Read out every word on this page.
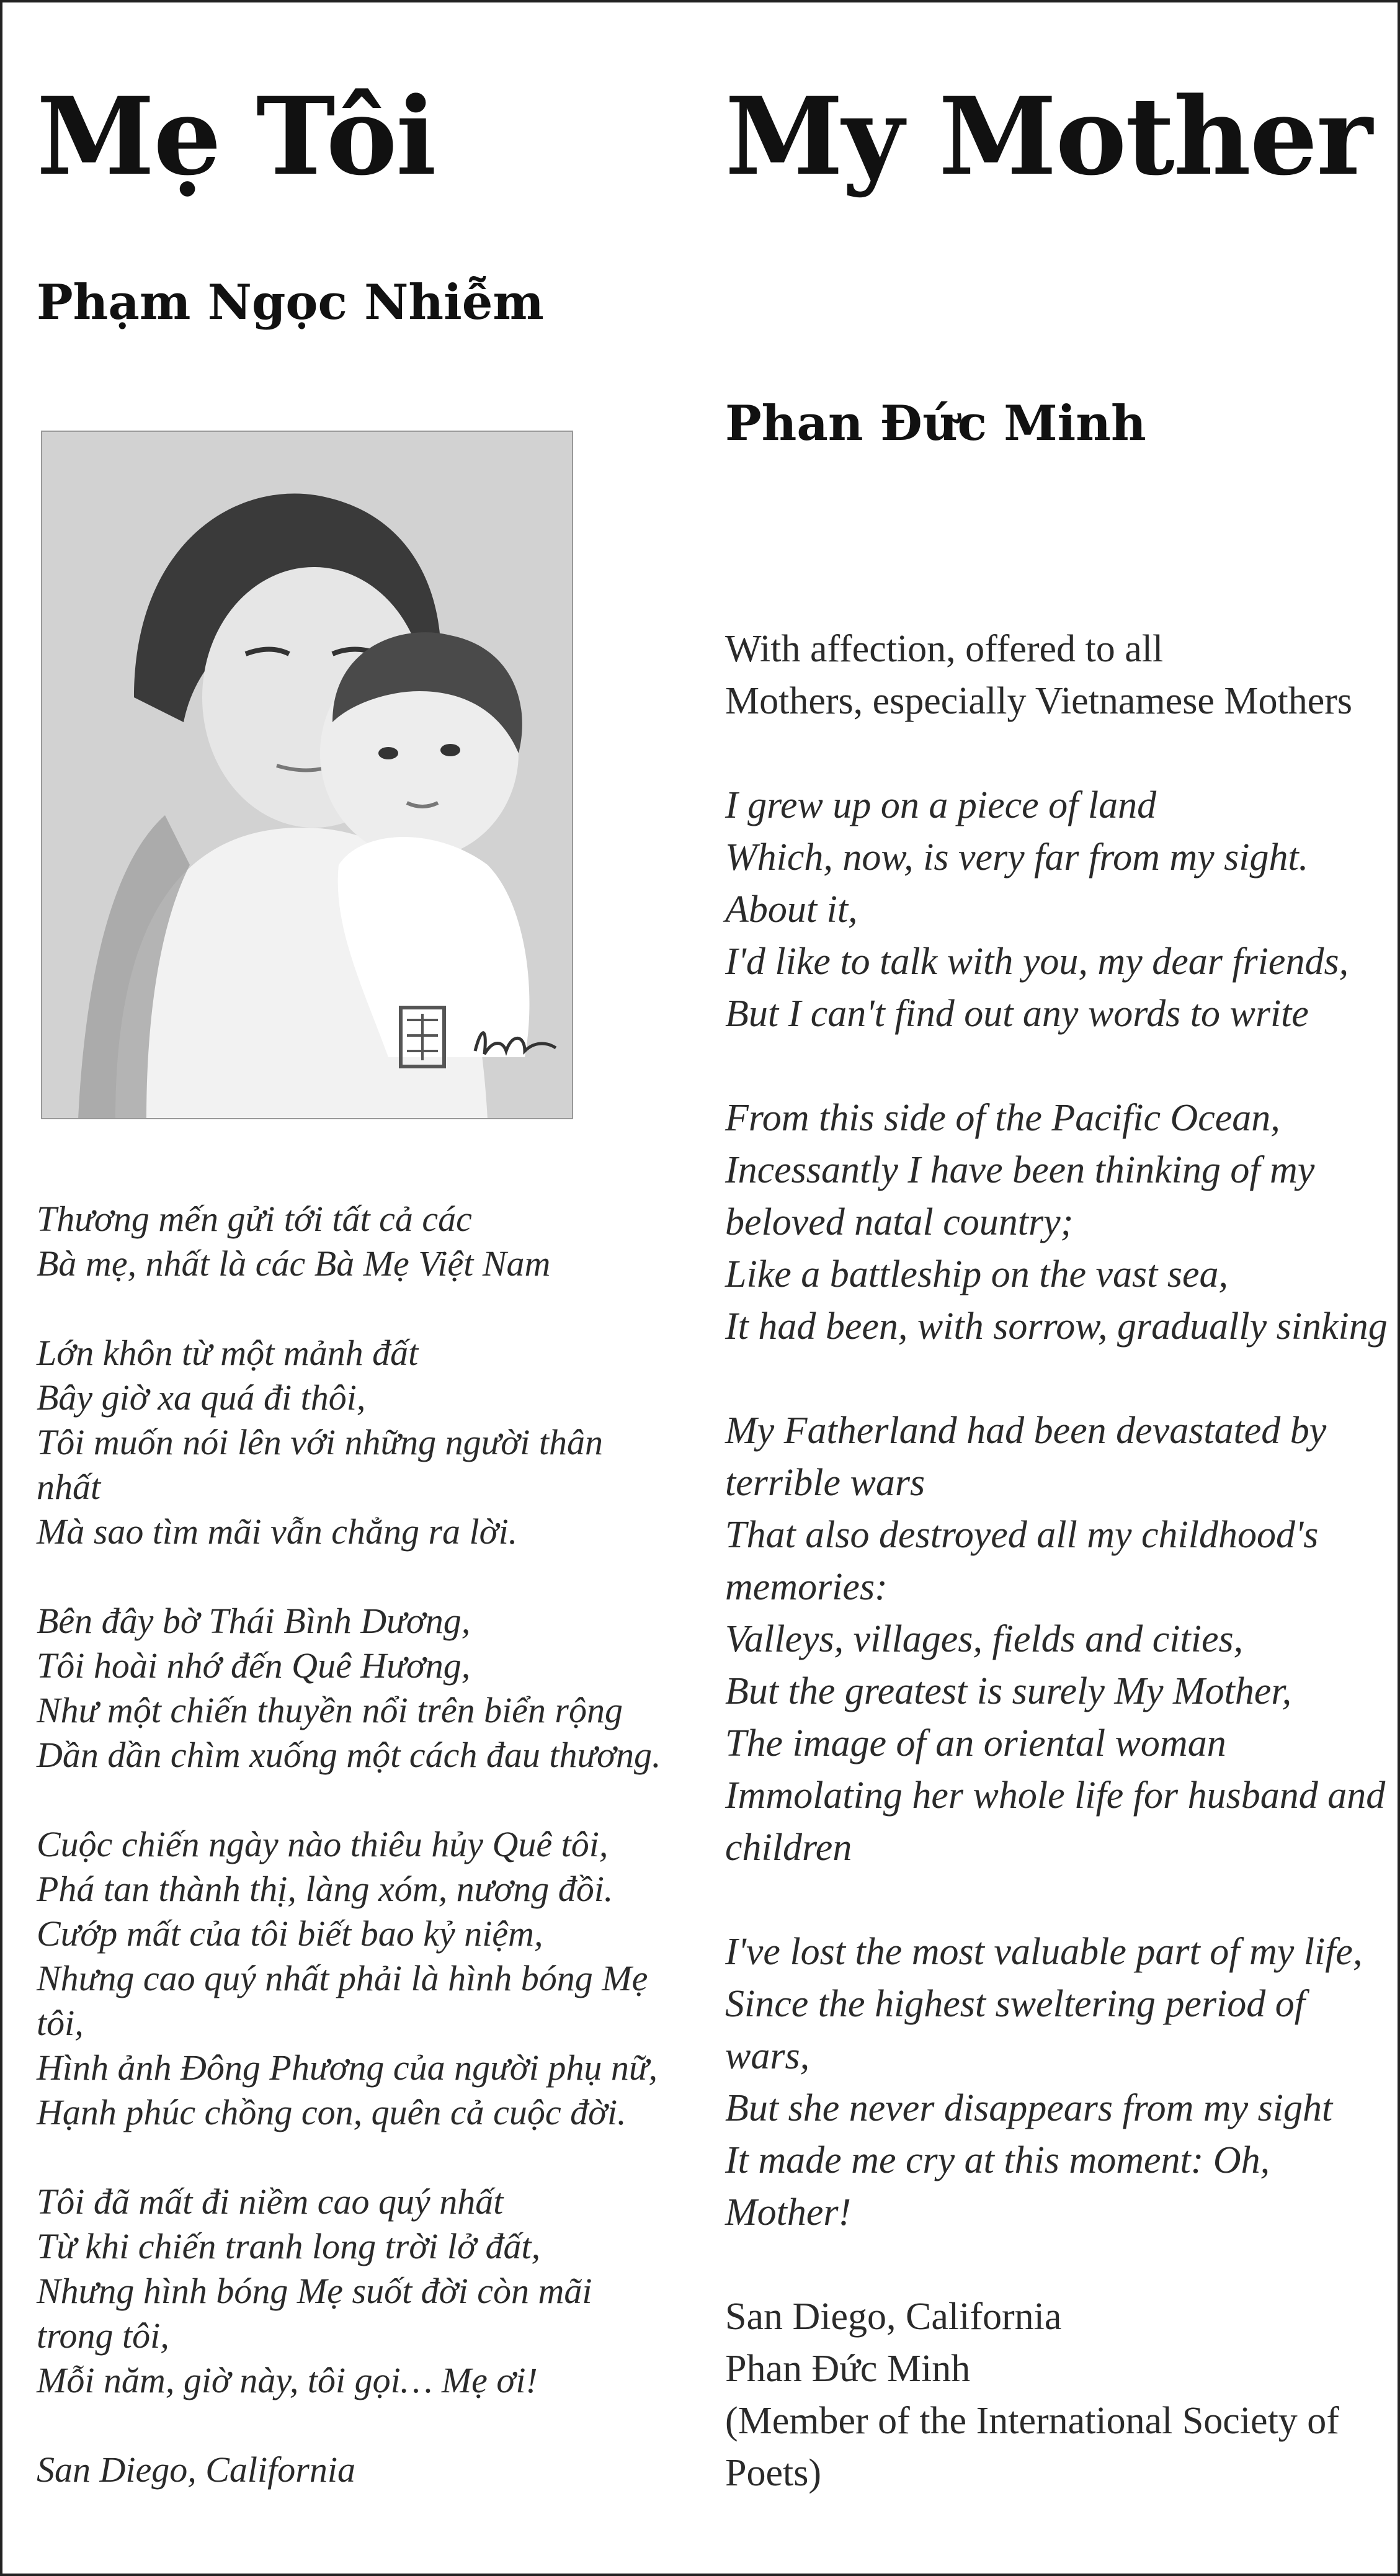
Mẹ Tôi
Phạm Ngọc Nhiễm
Thương mến gửi tới tất cả các
Bà mẹ, nhất là các Bà Mẹ Việt Nam
Lớn khôn từ một mảnh đất
Bây giờ xa quá đi thôi,
Tôi muốn nói lên với những người thân
nhất
Mà sao tìm mãi vẫn chẳng ra lời.
Bên đây bờ Thái Bình Dương,
Tôi hoài nhớ đến Quê Hương,
Như một chiến thuyền nổi trên biển rộng
Dần dần chìm xuống một cách đau thương.
Cuộc chiến ngày nào thiêu hủy Quê tôi,
Phá tan thành thị, làng xóm, nương đồi.
Cướp mất của tôi biết bao kỷ niệm,
Nhưng cao quý nhất phải là hình bóng Mẹ
tôi,
Hình ảnh Đông Phương của người phụ nữ,
Hạnh phúc chồng con, quên cả cuộc đời.
Tôi đã mất đi niềm cao quý nhất
Từ khi chiến tranh long trời lở đất,
Nhưng hình bóng Mẹ suốt đời còn mãi
trong tôi,
Mỗi năm, giờ này, tôi gọi… Mẹ ơi!
San Diego, California
My Mother
Phan Đức Minh
With affection, offered to all
Mothers, especially Vietnamese Mothers
I grew up on a piece of land
Which, now, is very far from my sight.
About it,
I'd like to talk with you, my dear friends,
But I can't find out any words to write
From this side of the Pacific Ocean,
Incessantly I have been thinking of my
beloved natal country;
Like a battleship on the vast sea,
It had been, with sorrow, gradually sinking
My Fatherland had been devastated by
terrible wars
That also destroyed all my childhood's
memories:
Valleys, villages, fields and cities,
But the greatest is surely My Mother,
The image of an oriental woman
Immolating her whole life for husband and
children
I've lost the most valuable part of my life,
Since the highest sweltering period of
wars,
But she never disappears from my sight
It made me cry at this moment: Oh,
Mother!
San Diego, California
Phan Đức Minh
(Member of the International Society of
Poets)
